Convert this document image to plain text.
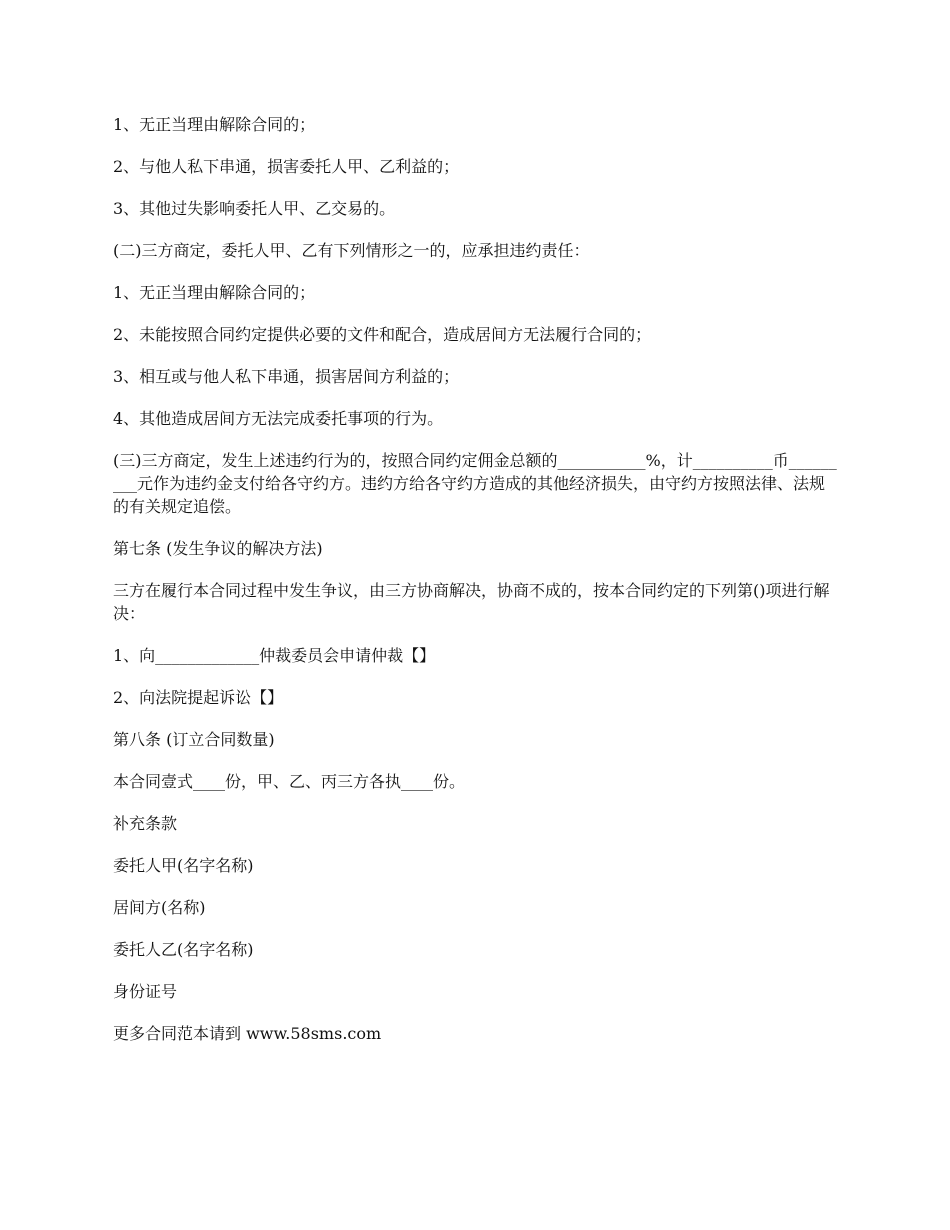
1、无正当理由解除合同的；

2、与他人私下串通，损害委托人甲、乙利益的；

3、其他过失影响委托人甲、乙交易的。

(二)三方商定，委托人甲、乙有下列情形之一的，应承担违约责任：

1、无正当理由解除合同的；

2、未能按照合同约定提供必要的文件和配合，造成居间方无法履行合同的；

3、相互或与他人私下串通，损害居间方利益的；

4、其他造成居间方无法完成委托事项的行为。

(三)三方商定，发生上述违约行为的，按照合同约定佣金总额的___________%，计__________币_________元作为违约金支付给各守约方。违约方给各守约方造成的其他经济损失，由守约方按照法律、法规的有关规定追偿。

第七条 (发生争议的解决方法)

三方在履行本合同过程中发生争议，由三方协商解决，协商不成的，按本合同约定的下列第()项进行解决：

1、向_____________仲裁委员会申请仲裁【】

2、向法院提起诉讼【】

第八条 (订立合同数量)

本合同壹式____份，甲、乙、丙三方各执____份。

补充条款

委托人甲(名字名称)

居间方(名称)

委托人乙(名字名称)

身份证号

更多合同范本请到 www.58sms.com
